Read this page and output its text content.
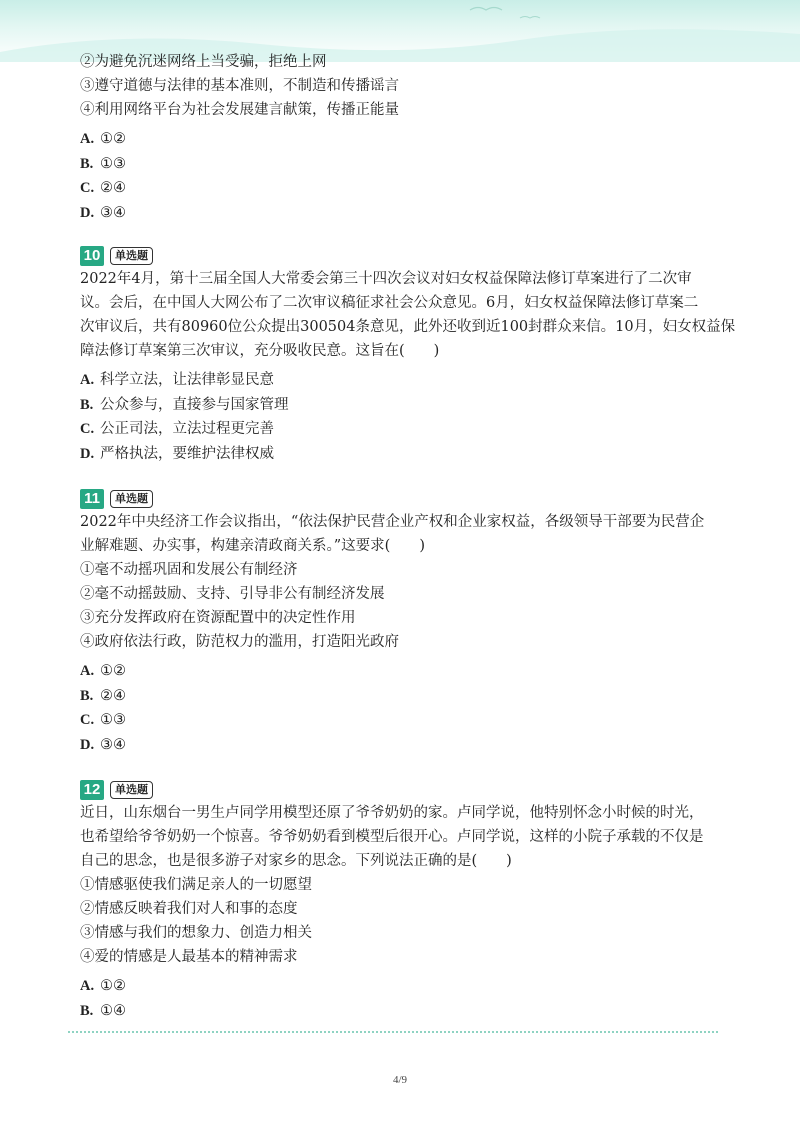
②为避免沉迷网络上当受骗，拒绝上网
③遵守道德与法律的基本准则，不制造和传播谣言
④利用网络平台为社会发展建言献策，传播正能量
A. ①②
B. ①③
C. ②④
D. ③④
10	单选题
2022年4月，第十三届全国人大常委会第三十四次会议对妇女权益保障法修订草案进行了二次审
议。会后，在中国人大网公布了二次审议稿征求社会公众意见。6月，妇女权益保障法修订草案二
次审议后，共有80960位公众提出300504条意见，此外还收到近100封群众来信。10月，妇女权益保
障法修订草案第三次审议，充分吸收民意。这旨在(　　)
A. 科学立法，让法律彰显民意
B. 公众参与，直接参与国家管理
C. 公正司法，立法过程更完善
D. 严格执法，要维护法律权威
11	单选题
2022年中央经济工作会议指出，“依法保护民营企业产权和企业家权益，各级领导干部要为民营企
业解难题、办实事，构建亲清政商关系。”这要求(　　)
①毫不动摇巩固和发展公有制经济
②毫不动摇鼓励、支持、引导非公有制经济发展
③充分发挥政府在资源配置中的决定性作用
④政府依法行政，防范权力的滥用，打造阳光政府
A. ①②
B. ②④
C. ①③
D. ③④
12	单选题
近日，山东烟台一男生卢同学用模型还原了爷爷奶奶的家。卢同学说，他特别怀念小时候的时光，
也希望给爷爷奶奶一个惊喜。爷爷奶奶看到模型后很开心。卢同学说，这样的小院子承载的不仅是
自己的思念，也是很多游子对家乡的思念。下列说法正确的是(　　)
①情感驱使我们满足亲人的一切愿望
②情感反映着我们对人和事的态度
③情感与我们的想象力、创造力相关
④爱的情感是人最基本的精神需求
A. ①②
B. ①④
4/9
